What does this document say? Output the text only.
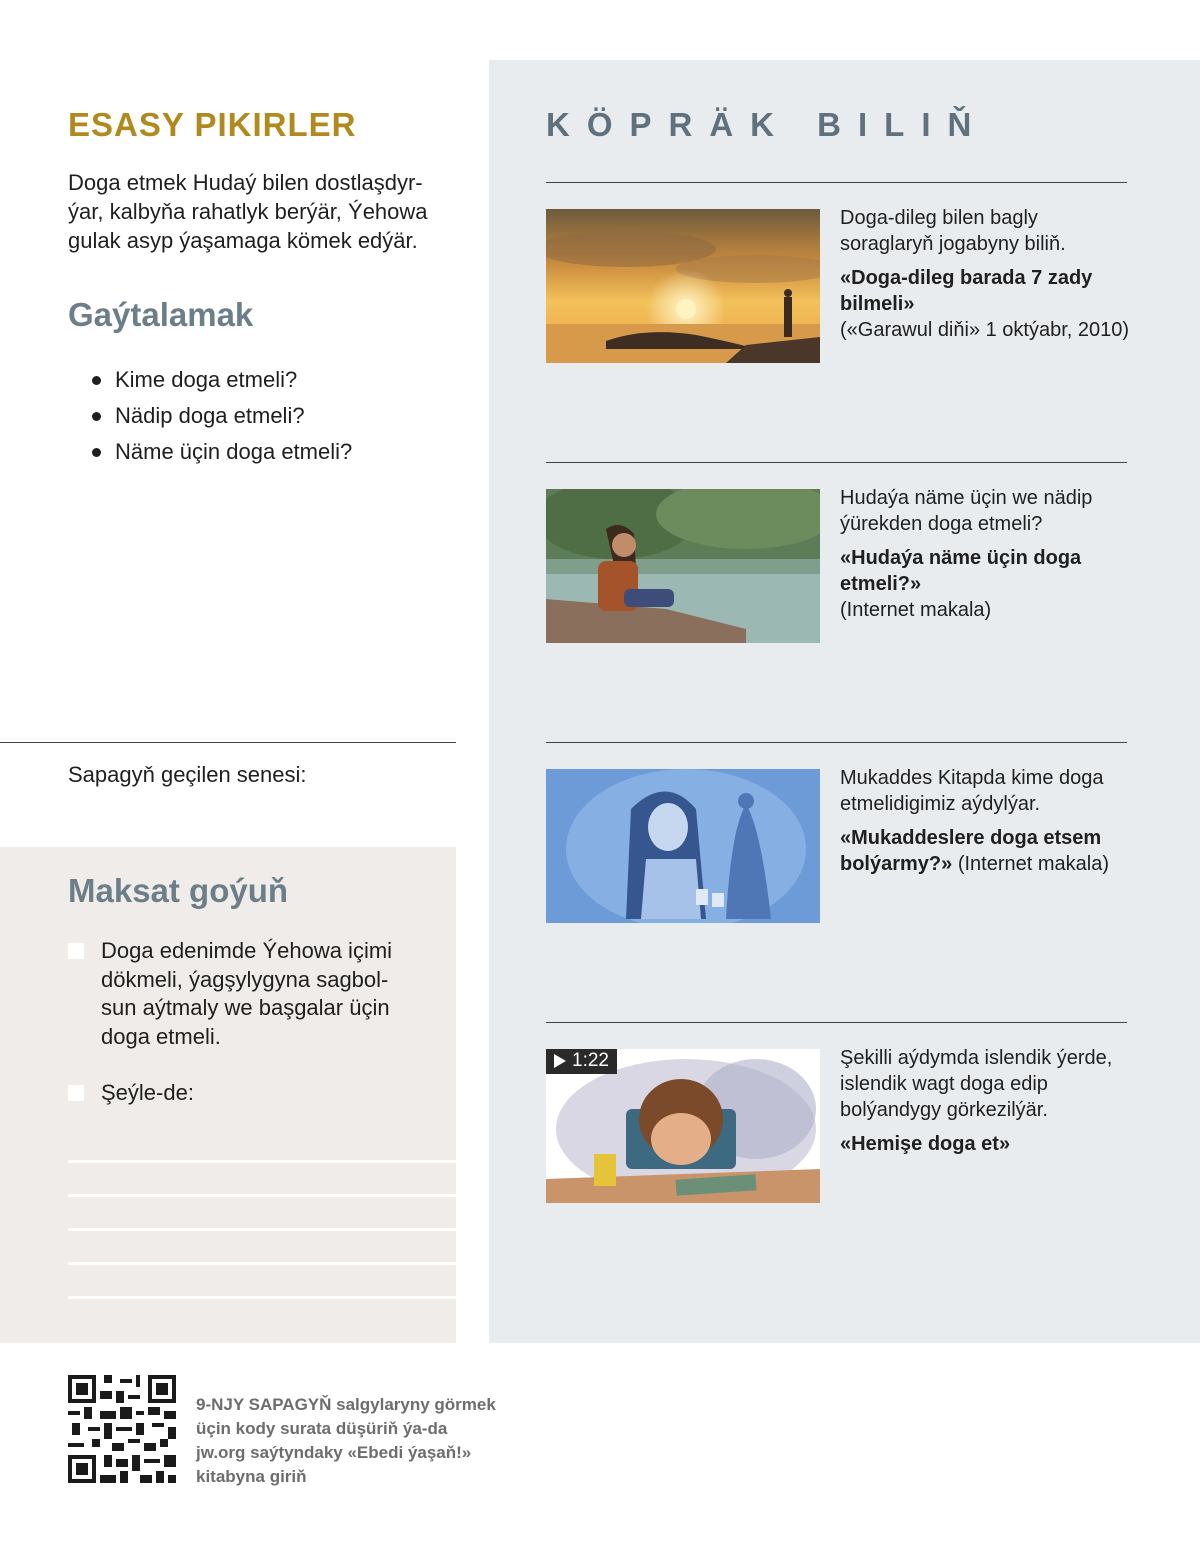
ESASY PIKIRLER

Doga etmek Hudaý bilen dostlaşdyr-ýar, kalbyňa rahatlyk berýär, Ýehowa gulak asyp ýaşamaga kömek edýär.

Gaýtalamak
Kime doga etmeli?
Nädip doga etmeli?
Näme üçin doga etmeli?
Sapagyň geçilen senesi:
Maksat goýuň
Doga edenimde Ýehowa içimi dökmeli, ýagşylygyna sagbol-sun aýtmaly we başgalar üçin doga etmeli.
Şeýle-de:
KÖPRÄK BILIŇ
Doga-dileg bilen bagly soraglaryň jogabyny biliň.
«Doga-dileg barada 7 zady bilmeli»
(«Garawul diňi» 1 oktýabr, 2010)
Hudaýa näme üçin we nädip ýürekden doga etmeli?
«Hudaýa näme üçin doga etmeli?»
(Internet makala)
Mukaddes Kitapda kime doga etmelidigimiz aýdylýar.
«Mukaddeslere doga etsem bolýarmy?» (Internet makala)
1:22	Şekilli aýdymda islendik ýerde, islendik wagt doga edip bolýandygy görkezilýär.
«Hemişe doga et»
9-NJY SAPAGYŇ salgylaryny görmek üçin kody surata düşüriň ýa-da jw.org saýtyndaky «Ebedi ýaşaň!» kitabyna giriň
